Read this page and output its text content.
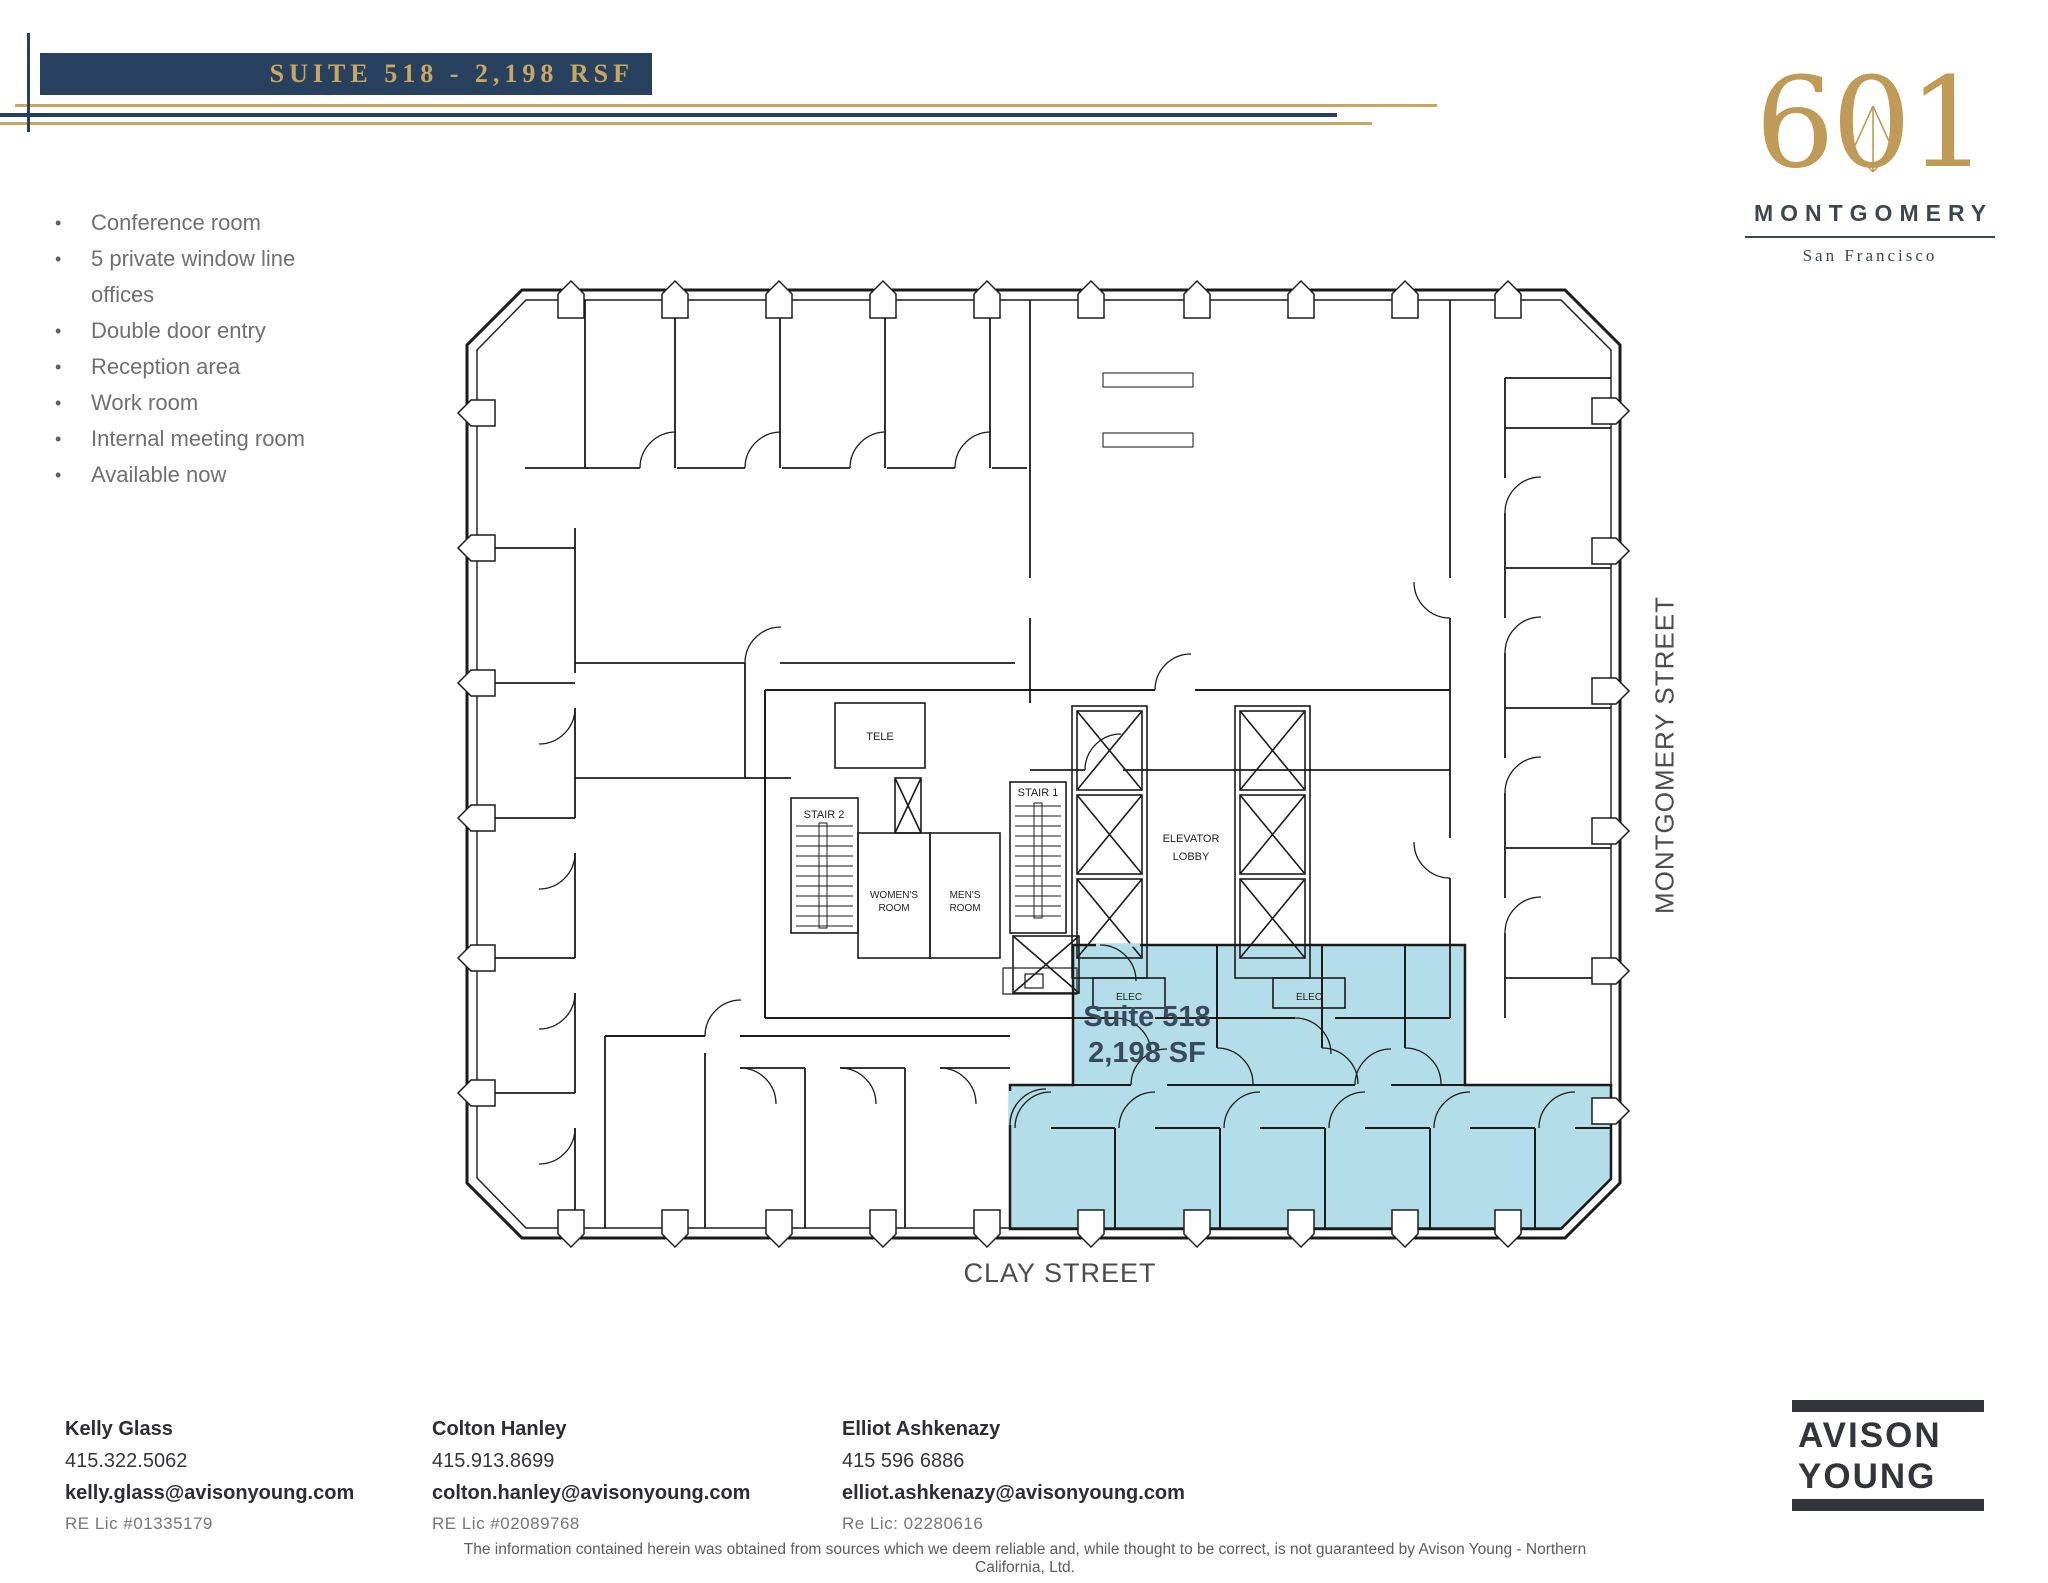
SUITE 518 - 2,198 RSF	601
MONTGOMERY
San Francisco
•	Conference room
•	5 private window line offices
•	Double door entry
•	Reception area
•	Work room
•	Internal meeting room
•	Available now
TELE
STAIR 2
STAIR 1
WOMEN'S
ROOM
MEN'S
ROOM
ELEVATOR
LOBBY
ELEC	ELEC
Suite 518
2,198 SF
MONTGOMERY STREET
CLAY STREET
Kelly Glass
415.322.5062
kelly.glass@avisonyoung.com
RE Lic #01335179
Colton Hanley
415.913.8699
colton.hanley@avisonyoung.com
RE Lic #02089768
Elliot Ashkenazy
415 596 6886
elliot.ashkenazy@avisonyoung.com
Re Lic: 02280616
AVISON
YOUNG
The information contained herein was obtained from sources which we deem reliable and, while thought to be correct, is not guaranteed by Avison Young - Northern California, Ltd.
